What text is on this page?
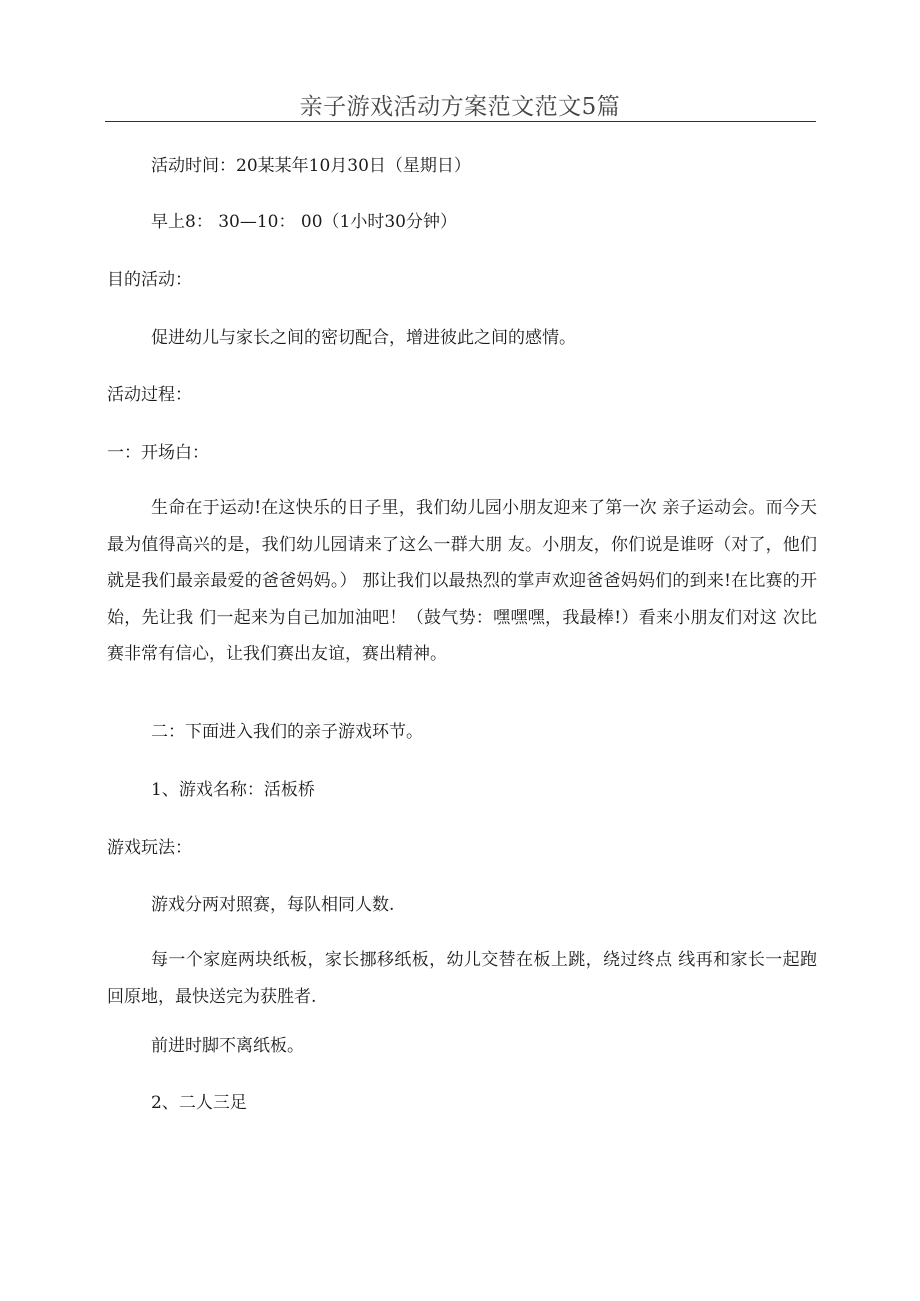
亲子游戏活动方案范文范文5篇
活动时间：20某某年10月30日（星期日）
早上8： 30—10： 00（1小时30分钟）
目的活动：
促进幼儿与家长之间的密切配合，增进彼此之间的感情。
活动过程：
一：开场白：
生命在于运动!在这快乐的日子里，我们幼儿园小朋友迎来了第一次 亲子运动会。而今天最为值得高兴的是，我们幼儿园请来了这么一群大朋 友。小朋友，你们说是谁呀（对了，他们就是我们最亲最爱的爸爸妈妈。） 那让我们以最热烈的掌声欢迎爸爸妈妈们的到来!在比赛的开始，先让我 们一起来为自己加加油吧！（鼓气势：嘿嘿嘿，我最棒!）看来小朋友们对这 次比赛非常有信心，让我们赛出友谊，赛出精神。
二：下面进入我们的亲子游戏环节。
1、游戏名称：活板桥
游戏玩法：
游戏分两对照赛，每队相同人数.
每一个家庭两块纸板，家长挪移纸板，幼儿交替在板上跳，绕过终点 线再和家长一起跑回原地，最快送完为获胜者.
前进时脚不离纸板。
2、二人三足
